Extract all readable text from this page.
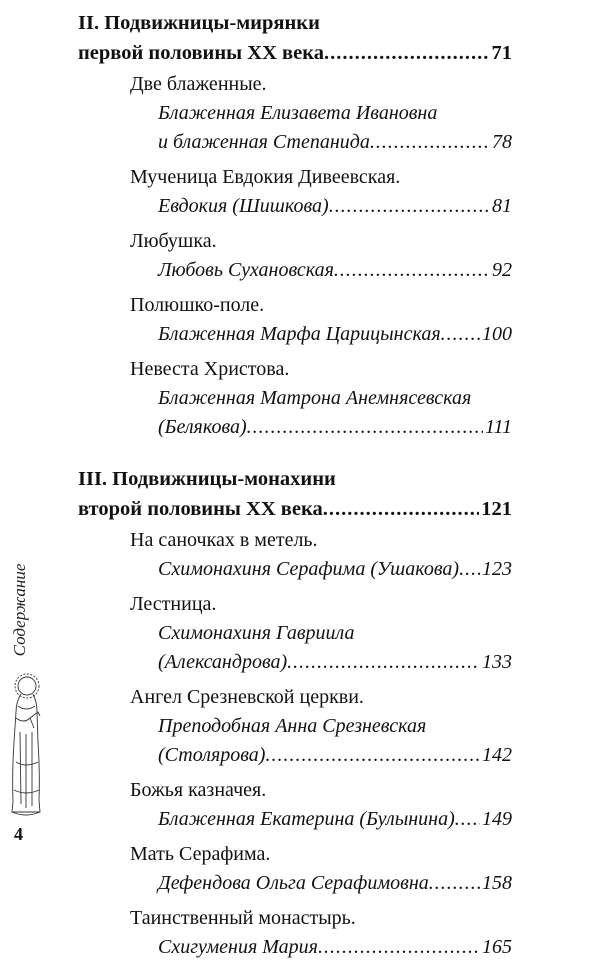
II. Подвижницы-мирянки
первой половины XX века .....	71
Две блаженные.
Блаженная Елизавета Ивановна
и блаженная Степанида .....	78
Мученица Евдокия Дивеевская.
Евдокия (Шишкова) .....	81
Любушка.
Любовь Сухановская .....	92
Полюшко-поле.
Блаженная Марфа Царицынская ..... 100
Невеста Христова.
Блаженная Матрона Анемнясевская
(Белякова) .....	111
III. Подвижницы-монахини
второй половины XX века .....	121
На саночках в метель.
Схимонахиня Серафима (Ушакова) ..... 123
Лестница.
Схимонахиня Гавриила
(Александрова) .....	133
Ангел Срезневской церкви.
Преподобная Анна Срезневская
(Столярова) .....	142
Божья казначея.
Блаженная Екатерина (Булынина) ..... 149
Мать Серафима.
Дефендова Ольга Серафимовна .....	158
Таинственный монастырь.
Схигумения Мария .....	165
Содержание
4
